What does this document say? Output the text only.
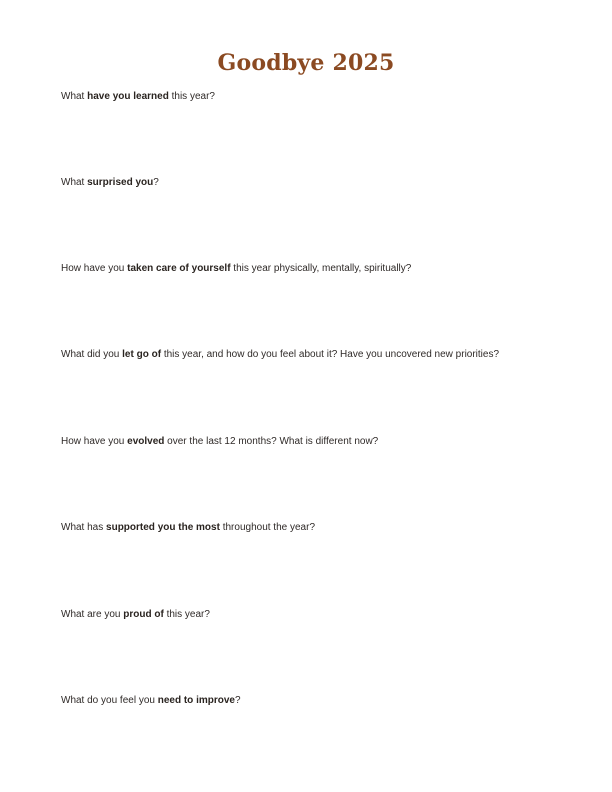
Goodbye 2025
What have you learned this year?
What surprised you?
How have you taken care of yourself this year physically, mentally, spiritually?
What did you let go of this year, and how do you feel about it? Have you uncovered new priorities?
How have you evolved over the last 12 months? What is different now?
What has supported you the most throughout the year?
What are you proud of this year?
What do you feel you need to improve?
